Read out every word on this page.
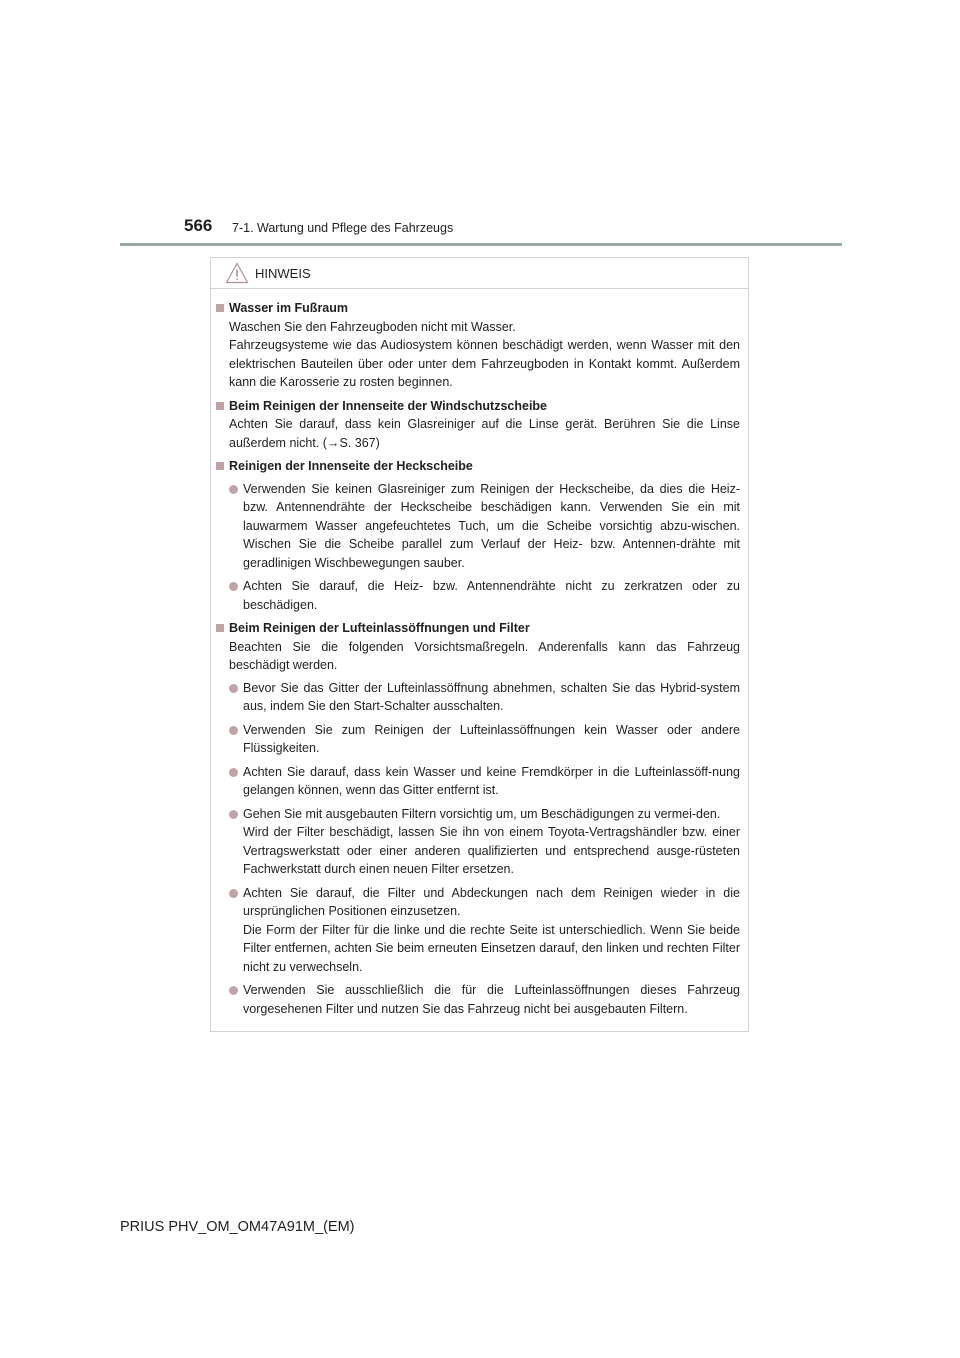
566 7-1. Wartung und Pflege des Fahrzeugs
HINWEIS
Wasser im Fußraum
Waschen Sie den Fahrzeugboden nicht mit Wasser.
Fahrzeugsysteme wie das Audiosystem können beschädigt werden, wenn Wasser mit den elektrischen Bauteilen über oder unter dem Fahrzeugboden in Kontakt kommt. Außerdem kann die Karosserie zu rosten beginnen.
Beim Reinigen der Innenseite der Windschutzscheibe
Achten Sie darauf, dass kein Glasreiniger auf die Linse gerät. Berühren Sie die Linse außerdem nicht. (→S. 367)
Reinigen der Innenseite der Heckscheibe
Verwenden Sie keinen Glasreiniger zum Reinigen der Heckscheibe, da dies die Heiz- bzw. Antennendrähte der Heckscheibe beschädigen kann. Verwenden Sie ein mit lauwarmem Wasser angefeuchtetes Tuch, um die Scheibe vorsichtig abzu-wischen. Wischen Sie die Scheibe parallel zum Verlauf der Heiz- bzw. Antennen-drähte mit geradlinigen Wischbewegungen sauber.
Achten Sie darauf, die Heiz- bzw. Antennendrähte nicht zu zerkratzen oder zu beschädigen.
Beim Reinigen der Lufteinlassöffnungen und Filter
Beachten Sie die folgenden Vorsichtsmaßregeln. Anderenfalls kann das Fahrzeug beschädigt werden.
Bevor Sie das Gitter der Lufteinlassöffnung abnehmen, schalten Sie das Hybrid-system aus, indem Sie den Start-Schalter ausschalten.
Verwenden Sie zum Reinigen der Lufteinlassöffnungen kein Wasser oder andere Flüssigkeiten.
Achten Sie darauf, dass kein Wasser und keine Fremdkörper in die Lufteinlassöff-nung gelangen können, wenn das Gitter entfernt ist.
Gehen Sie mit ausgebauten Filtern vorsichtig um, um Beschädigungen zu vermei-den.
Wird der Filter beschädigt, lassen Sie ihn von einem Toyota-Vertragshändler bzw. einer Vertragswerkstatt oder einer anderen qualifizierten und entsprechend ausge-rüsteten Fachwerkstatt durch einen neuen Filter ersetzen.
Achten Sie darauf, die Filter und Abdeckungen nach dem Reinigen wieder in die ursprünglichen Positionen einzusetzen.
Die Form der Filter für die linke und die rechte Seite ist unterschiedlich. Wenn Sie beide Filter entfernen, achten Sie beim erneuten Einsetzen darauf, den linken und rechten Filter nicht zu verwechseln.
Verwenden Sie ausschließlich die für die Lufteinlassöffnungen dieses Fahrzeug vorgesehenen Filter und nutzen Sie das Fahrzeug nicht bei ausgebauten Filtern.
PRIUS PHV_OM_OM47A91M_(EM)
